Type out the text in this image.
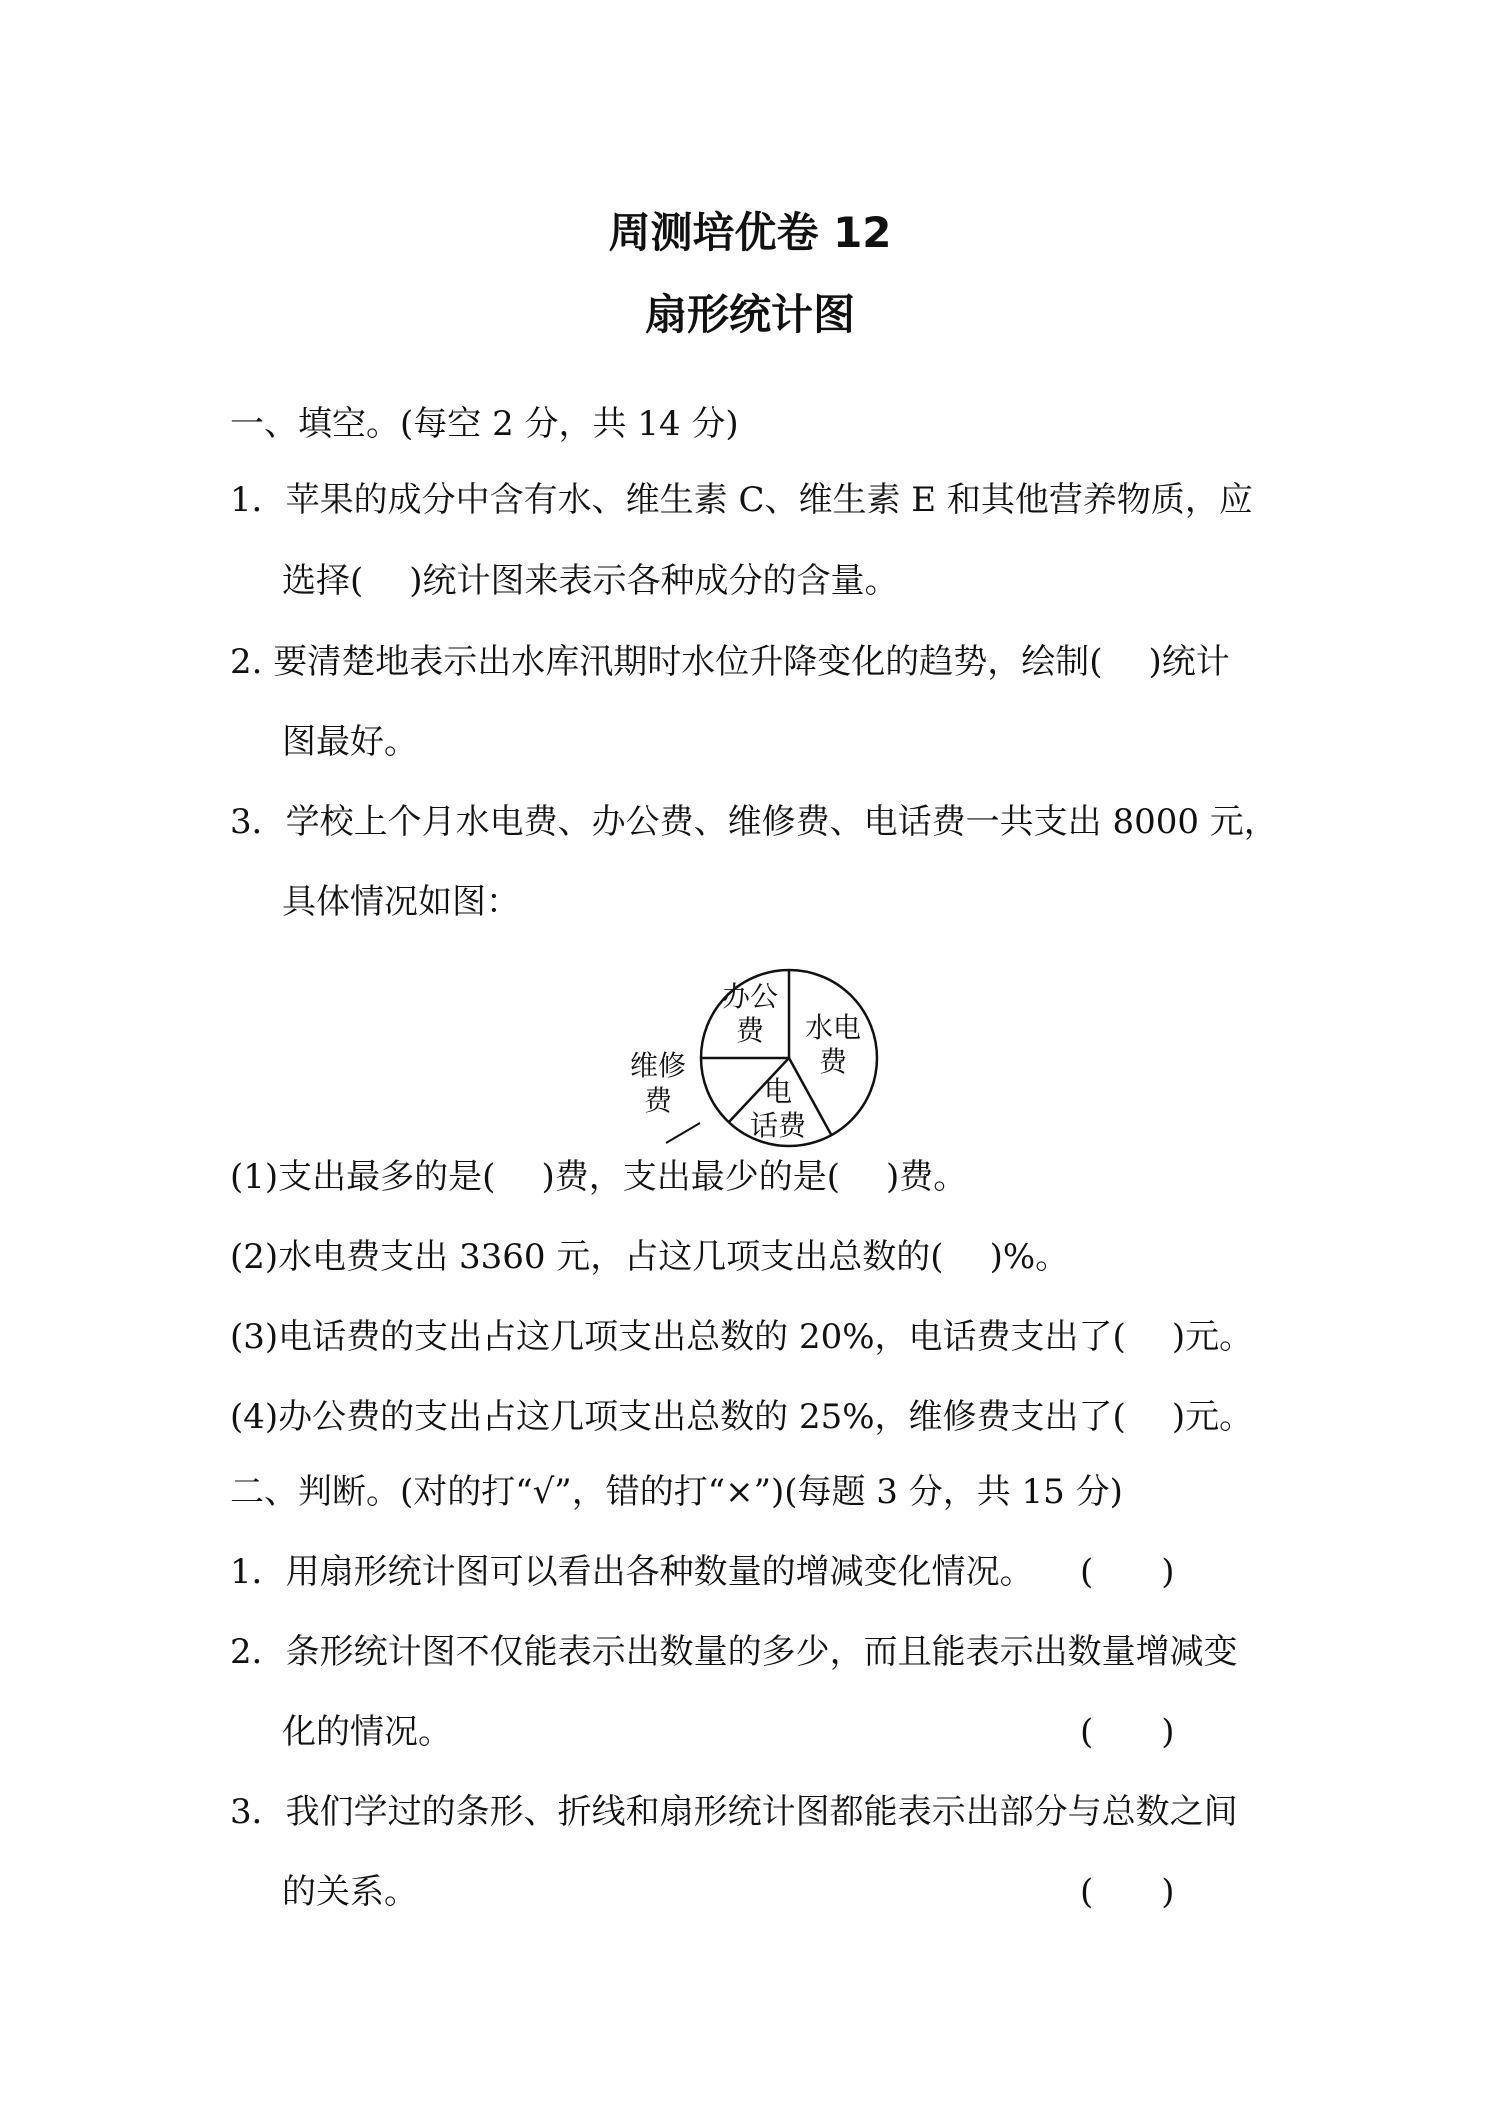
周测培优卷 12
扇形统计图

一、填空。(每空 2 分，共 14 分)

1．苹果的成分中含有水、维生素 C、维生素 E 和其他营养物质，应

选择( )统计图来表示各种成分的含量。

2. 要清楚地表示出水库汛期时水位升降变化的趋势，绘制( )统计

图最好。

3．学校上个月水电费、办公费、维修费、电话费一共支出 8000 元，

具体情况如图：

办公
费 水电
费
电
话费
维修
费

(1)支出最多的是( )费，支出最少的是( )费。

(2)水电费支出 3360 元，占这几项支出总数的( )%。

(3)电话费的支出占这几项支出总数的 20%，电话费支出了( )元。

(4)办公费的支出占这几项支出总数的 25%，维修费支出了( )元。

二、判断。(对的打“√”，错的打“×”)(每题 3 分，共 15 分)

1．用扇形统计图可以看出各种数量的增减变化情况。 (　　)

2．条形统计图不仅能表示出数量的多少，而且能表示出数量增减变

化的情况。	(　　)

3．我们学过的条形、折线和扇形统计图都能表示出部分与总数之间

的关系。	(　　)
